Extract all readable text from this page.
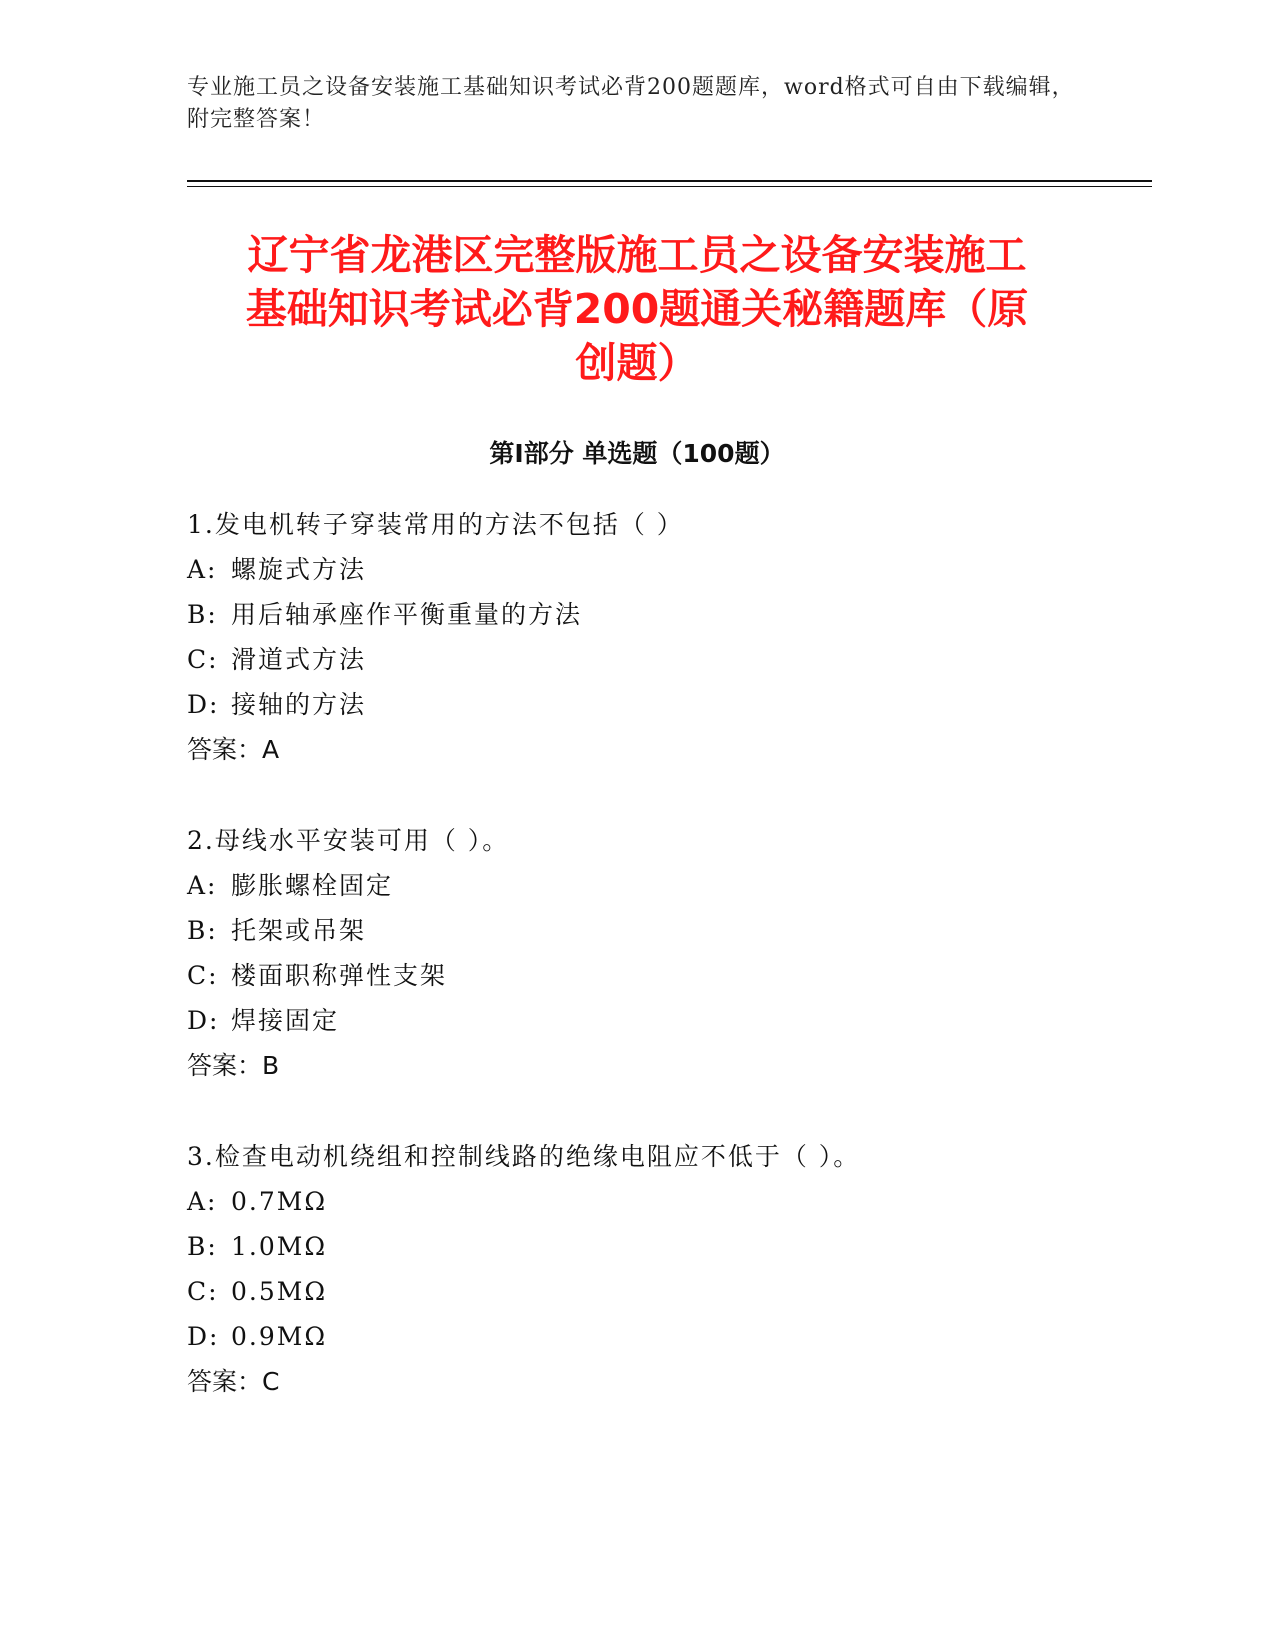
专业施工员之设备安装施工基础知识考试必背200题题库，word格式可自由下载编辑，附完整答案！
辽宁省龙港区完整版施工员之设备安装施工
基础知识考试必背200题通关秘籍题库（原
创题）
第Ⅰ部分 单选题（100题）
1.发电机转子穿装常用的方法不包括（ ）
A: 螺旋式方法
B: 用后轴承座作平衡重量的方法
C: 滑道式方法
D: 接轴的方法
答案：A
2.母线水平安装可用（ ）。
A: 膨胀螺栓固定
B: 托架或吊架
C: 楼面职称弹性支架
D: 焊接固定
答案：B
3.检查电动机绕组和控制线路的绝缘电阻应不低于（ ）。
A: 0.7MΩ
B: 1.0MΩ
C: 0.5MΩ
D: 0.9MΩ
答案：C
